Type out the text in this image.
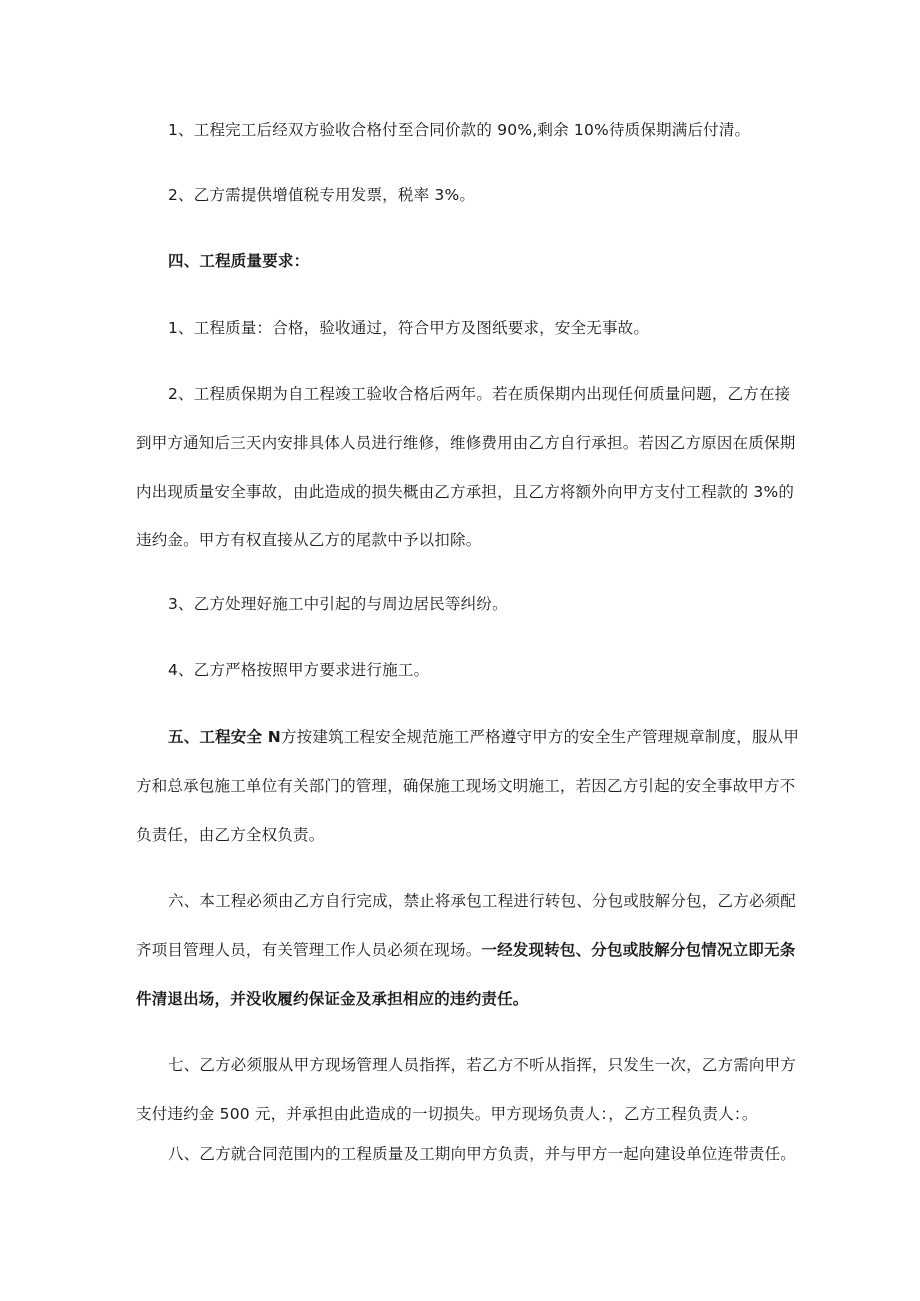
1、工程完工后经双方验收合格付至合同价款的 90%,剩余 10%待质保期满后付清。
2、乙方需提供增值税专用发票，税率 3%。
四、工程质量要求：
1、工程质量：合格，验收通过，符合甲方及图纸要求，安全无事故。
2、工程质保期为自工程竣工验收合格后两年。若在质保期内出现任何质量问题，乙方在接
到甲方通知后三天内安排具体人员进行维修，维修费用由乙方自行承担。若因乙方原因在质保期
内出现质量安全事故，由此造成的损失概由乙方承担，且乙方将额外向甲方支付工程款的 3%的
违约金。甲方有权直接从乙方的尾款中予以扣除。
3、乙方处理好施工中引起的与周边居民等纠纷。
4、乙方严格按照甲方要求进行施工。
五、工程安全 N方按建筑工程安全规范施工严格遵守甲方的安全生产管理规章制度，服从甲
方和总承包施工单位有关部门的管理，确保施工现场文明施工，若因乙方引起的安全事故甲方不
负责任，由乙方全权负责。
六、本工程必须由乙方自行完成，禁止将承包工程进行转包、分包或肢解分包，乙方必须配
齐项目管理人员，有关管理工作人员必须在现场。一经发现转包、分包或肢解分包情况立即无条
件清退出场，并没收履约保证金及承担相应的违约责任。
七、乙方必须服从甲方现场管理人员指挥，若乙方不听从指挥，只发生一次，乙方需向甲方
支付违约金 500 元，并承担由此造成的一切损失。甲方现场负责人：，乙方工程负责人：。
八、乙方就合同范围内的工程质量及工期向甲方负责，并与甲方一起向建设单位连带责任。
